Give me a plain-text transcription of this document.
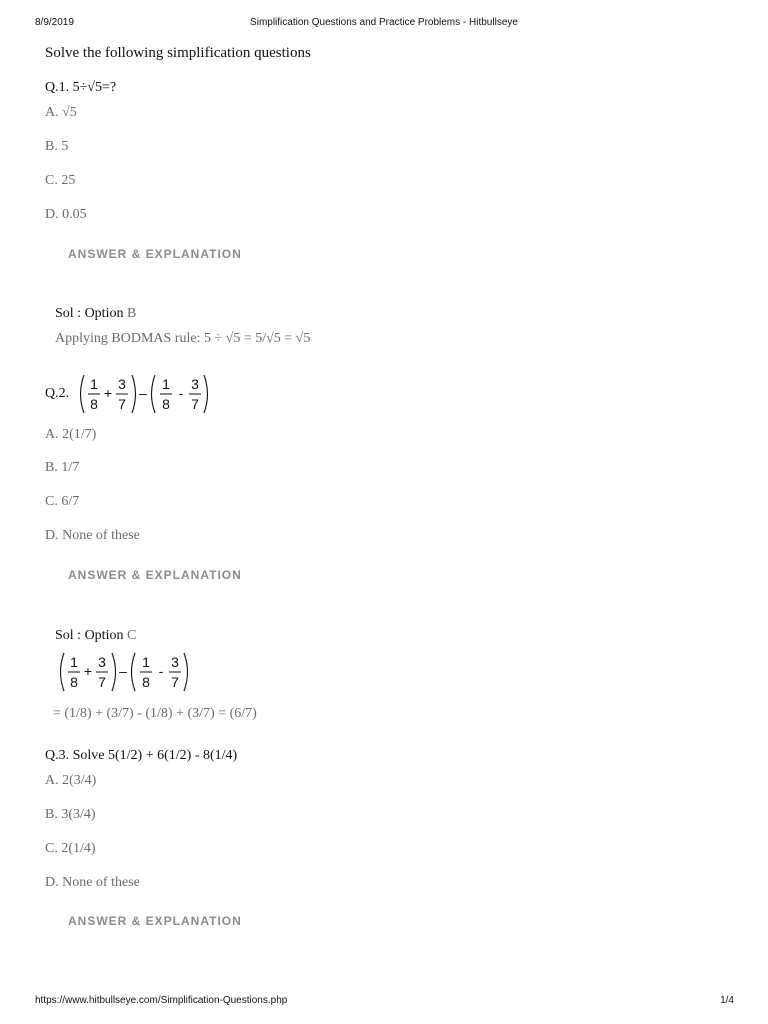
8/9/2019	Simplification Questions and Practice Problems - Hitbullseye
Solve the following simplification questions
Q.1. 5÷√5=?
A. √5
B. 5
C. 25
D. 0.05
ANSWER & EXPLANATION
Sol : Option B
Applying BODMAS rule: 5 ÷ √5 = 5/√5 = √5
Q.2.
1
8
+
3
7
–
1
8
-
3
7
A. 2(1/7)
B. 1/7
C. 6/7
D. None of these
ANSWER & EXPLANATION
Sol : Option C
1
8
+
3
7
–
1
8
-
3
7
= (1/8) + (3/7) - (1/8) + (3/7) = (6/7)
Q.3. Solve 5(1/2) + 6(1/2) - 8(1/4)
A. 2(3/4)
B. 3(3/4)
C. 2(1/4)
D. None of these
ANSWER & EXPLANATION
https://www.hitbullseye.com/Simplification-Questions.php	1/4
